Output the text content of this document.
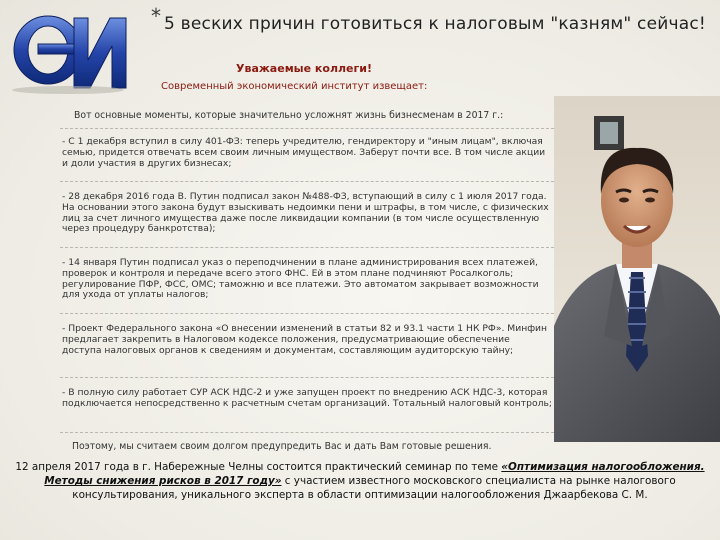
* 5 веских причин готовиться к налоговым "казням" сейчас!
Уважаемые коллеги!
Современный экономический институт извещает:
Вот основные моменты, которые значительно усложнят жизнь бизнесменам в 2017 г.:
- С 1 декабря вступил в силу 401-ФЗ: теперь учредителю, гендиректору и "иным лицам", включая семью, придется отвечать всем своим личным имуществом. Заберут почти все. В том числе акции и доли участия в других бизнесах;
- 28 декабря 2016 года В. Путин подписал закон №488-ФЗ, вступающий в силу с 1 июля 2017 года. На основании этого закона будут взыскивать недоимки пени и штрафы, в том числе, с физических лиц за счет личного имущества даже после ликвидации компании (в том числе осуществленную через процедуру банкротства);
- 14 января Путин подписал указ о переподчинении в плане администрирования всех платежей, проверок и контроля и передаче всего этого ФНС. Ей в этом плане подчиняют Росалкоголь; регулирование ПФР, ФСС, ОМС; таможню и все платежи. Это автоматом закрывает возможности для ухода от уплаты налогов;
- Проект Федерального закона «О внесении изменений в статьи 82 и 93.1 части 1 НК РФ». Минфин предлагает закрепить в Налоговом кодексе положения, предусматривающие обеспечение доступа налоговых органов к сведениям и документам, составляющим аудиторскую тайну;
- В полную силу работает СУР АСК НДС-2 и уже запущен проект по внедрению АСК НДС-3, которая подключается непосредственно к расчетным счетам организаций. Тотальный налоговый контроль;
Поэтому, мы считаем своим долгом предупредить Вас и дать Вам готовые решения.
12 апреля 2017 года в г. Набережные Челны состоится практический семинар по теме «Оптимизация налогообложения. Методы снижения рисков в 2017 году» с участием известного московского специалиста на рынке налогового консультирования, уникального эксперта в области оптимизации налогообложения Джаарбекова С. М.
